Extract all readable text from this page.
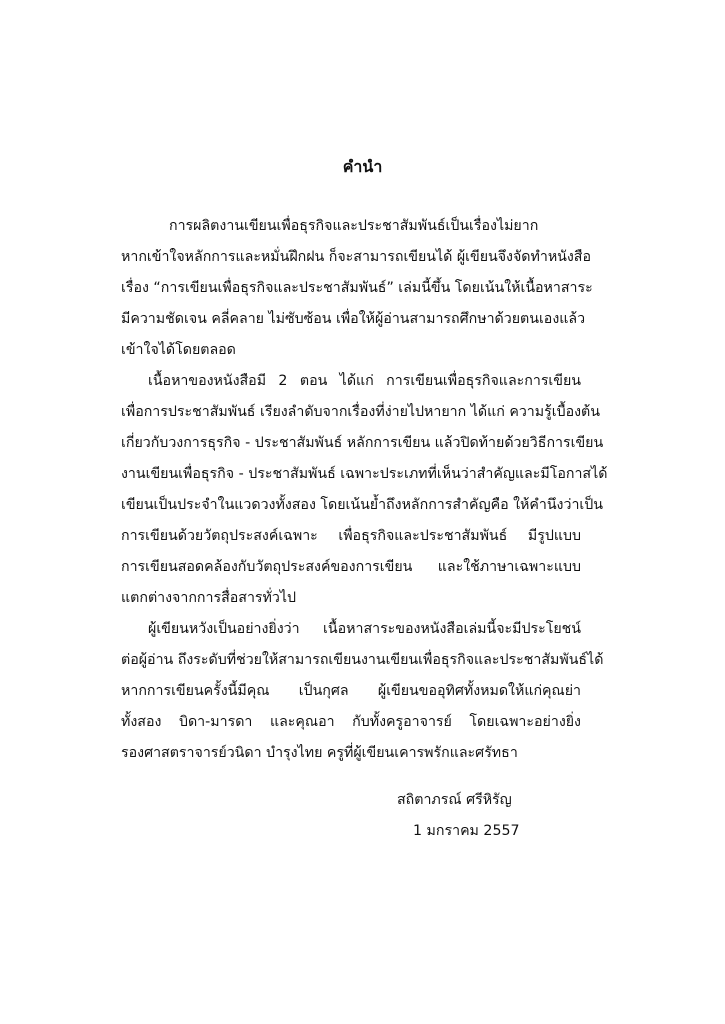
คำนำ
การผลิตงานเขียนเพื่อธุรกิจและประชาสัมพันธ์เป็นเรื่องไม่ยาก
หากเข้าใจหลักการและหมั่นฝึกฝน ก็จะสามารถเขียนได้ ผู้เขียนจึงจัดทำหนังสือ
เรื่อง “การเขียนเพื่อธุรกิจและประชาสัมพันธ์” เล่มนี้ขึ้น โดยเน้นให้เนื้อหาสาระ
มีความชัดเจน คลี่คลาย ไม่ซับซ้อน เพื่อให้ผู้อ่านสามารถศึกษาด้วยตนเองแล้ว
เข้าใจได้โดยตลอด
เนื้อหาของหนังสือมี 2 ตอน ได้แก่ การเขียนเพื่อธุรกิจและการเขียน
เพื่อการประชาสัมพันธ์ เรียงลำดับจากเรื่องที่ง่ายไปหายาก ได้แก่ ความรู้เบื้องต้น
เกี่ยวกับวงการธุรกิจ - ประชาสัมพันธ์ หลักการเขียน แล้วปิดท้ายด้วยวิธีการเขียน
งานเขียนเพื่อธุรกิจ - ประชาสัมพันธ์ เฉพาะประเภทที่เห็นว่าสำคัญและมีโอกาสได้
เขียนเป็นประจำในแวดวงทั้งสอง โดยเน้นย้ำถึงหลักการสำคัญคือ ให้คำนึงว่าเป็น
การเขียนด้วยวัตถุประสงค์เฉพาะ เพื่อธุรกิจและประชาสัมพันธ์ มีรูปแบบ
การเขียนสอดคล้องกับวัตถุประสงค์ของการเขียน และใช้ภาษาเฉพาะแบบ
แตกต่างจากการสื่อสารทั่วไป
ผู้เขียนหวังเป็นอย่างยิ่งว่า เนื้อหาสาระของหนังสือเล่มนี้จะมีประโยชน์
ต่อผู้อ่าน ถึงระดับที่ช่วยให้สามารถเขียนงานเขียนเพื่อธุรกิจและประชาสัมพันธ์ได้
หากการเขียนครั้งนี้มีคุณ เป็นกุศล ผู้เขียนขออุทิศทั้งหมดให้แก่คุณย่า
ทั้งสอง บิดา-มารดา และคุณอา กับทั้งครูอาจารย์ โดยเฉพาะอย่างยิ่ง
รองศาสตราจารย์วนิดา บำรุงไทย ครูที่ผู้เขียนเคารพรักและศรัทธา
สถิตาภรณ์ ศรีหิรัญ
1 มกราคม 2557
